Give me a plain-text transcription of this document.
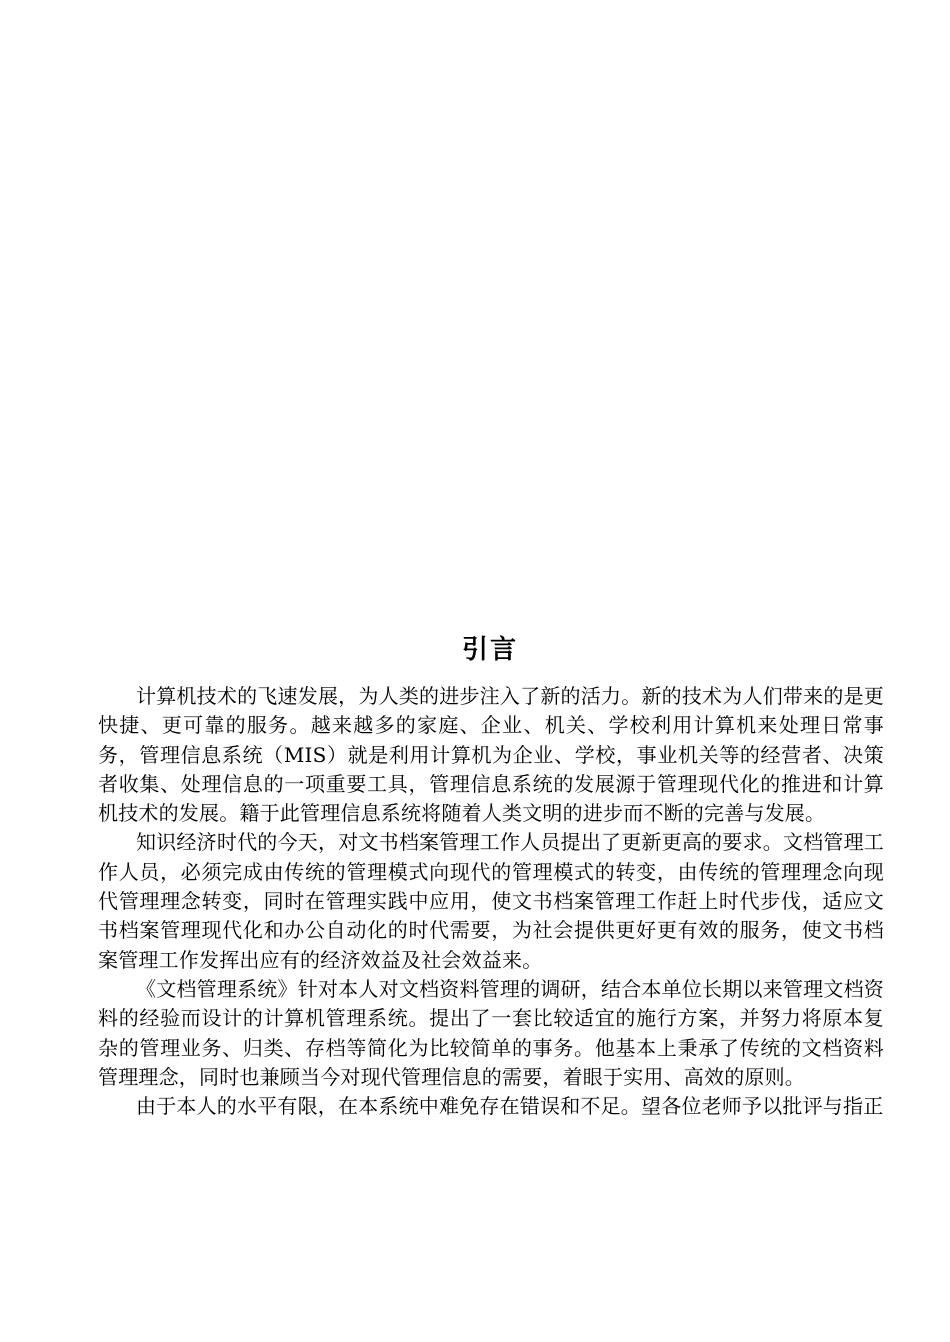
引言

计算机技术的飞速发展，为人类的进步注入了新的活力。新的技术为人们带来的是更快捷、更可靠的服务。越来越多的家庭、企业、机关、学校利用计算机来处理日常事务，管理信息系统（MIS）就是利用计算机为企业、学校，事业机关等的经营者、决策者收集、处理信息的一项重要工具，管理信息系统的发展源于管理现代化的推进和计算机技术的发展。籍于此管理信息系统将随着人类文明的进步而不断的完善与发展。

知识经济时代的今天，对文书档案管理工作人员提出了更新更高的要求。文档管理工作人员，必须完成由传统的管理模式向现代的管理模式的转变，由传统的管理理念向现代管理理念转变，同时在管理实践中应用，使文书档案管理工作赶上时代步伐，适应文书档案管理现代化和办公自动化的时代需要，为社会提供更好更有效的服务，使文书档案管理工作发挥出应有的经济效益及社会效益来。

《文档管理系统》针对本人对文档资料管理的调研，结合本单位长期以来管理文档资料的经验而设计的计算机管理系统。提出了一套比较适宜的施行方案，并努力将原本复杂的管理业务、归类、存档等简化为比较简单的事务。他基本上秉承了传统的文档资料管理理念，同时也兼顾当今对现代管理信息的需要，着眼于实用、高效的原则。

由于本人的水平有限，在本系统中难免存在错误和不足。望各位老师予以批评与指正
